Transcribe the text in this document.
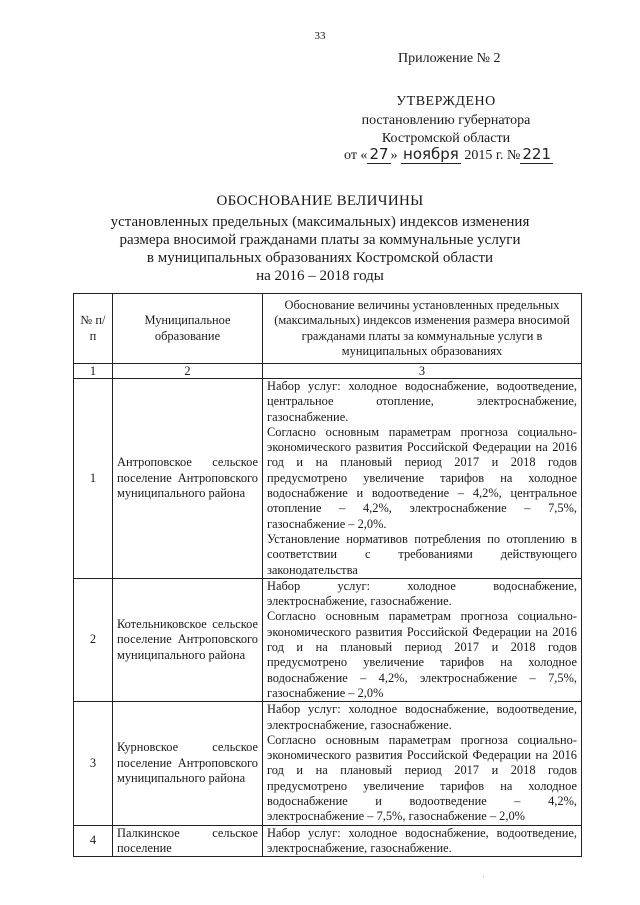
33
Приложение № 2
УТВЕРЖДЕНО
постановлению губернатора
Костромской области
от « 27 » ноября 2015 г. № 221
ОБОСНОВАНИЕ ВЕЛИЧИНЫ
установленных предельных (максимальных) индексов изменения
размера вносимой гражданами платы за коммунальные услуги
в муниципальных образованиях Костромской области
на 2016 – 2018 годы
№ п/п	Муниципальное образование	Обоснование величины установленных предельных (максимальных) индексов изменения размера вносимой гражданами платы за коммунальные услуги в муниципальных образованиях
1	2	3
1	Антроповское сельское поселение Антроповского муниципального района	Набор услуг: холодное водоснабжение, водоотведение, центральное отопление, электроснабжение, газоснабжение.
Согласно основным параметрам прогноза социально-экономического развития Российской Федерации на 2016 год и на плановый период 2017 и 2018 годов предусмотрено увеличение тарифов на холодное водоснабжение и водоотведение – 4,2%, центральное отопление – 4,2%, электроснабжение – 7,5%, газоснабжение – 2,0%.
Установление нормативов потребления по отоплению в соответствии с требованиями действующего законодательства

2	Котельниковское сельское поселение Антроповского муниципального района	Набор услуг: холодное водоснабжение, электроснабжение, газоснабжение.
Согласно основным параметрам прогноза социально-экономического развития Российской Федерации на 2016 год и на плановый период 2017 и 2018 годов предусмотрено увеличение тарифов на холодное водоснабжение – 4,2%, электроснабжение – 7,5%, газоснабжение – 2,0%

3	Курновское сельское поселение Антроповского муниципального района	Набор услуг: холодное водоснабжение, водоотведение, электроснабжение, газоснабжение.
Согласно основным параметрам прогноза социально-экономического развития Российской Федерации на 2016 год и на плановый период 2017 и 2018 годов предусмотрено увеличение тарифов на холодное водоснабжение и водоотведение – 4,2%, электроснабжение – 7,5%, газоснабжение – 2,0%

4	Палкинское сельское поселение	Набор услуг: холодное водоснабжение, водоотведение, электроснабжение, газоснабжение.
·
